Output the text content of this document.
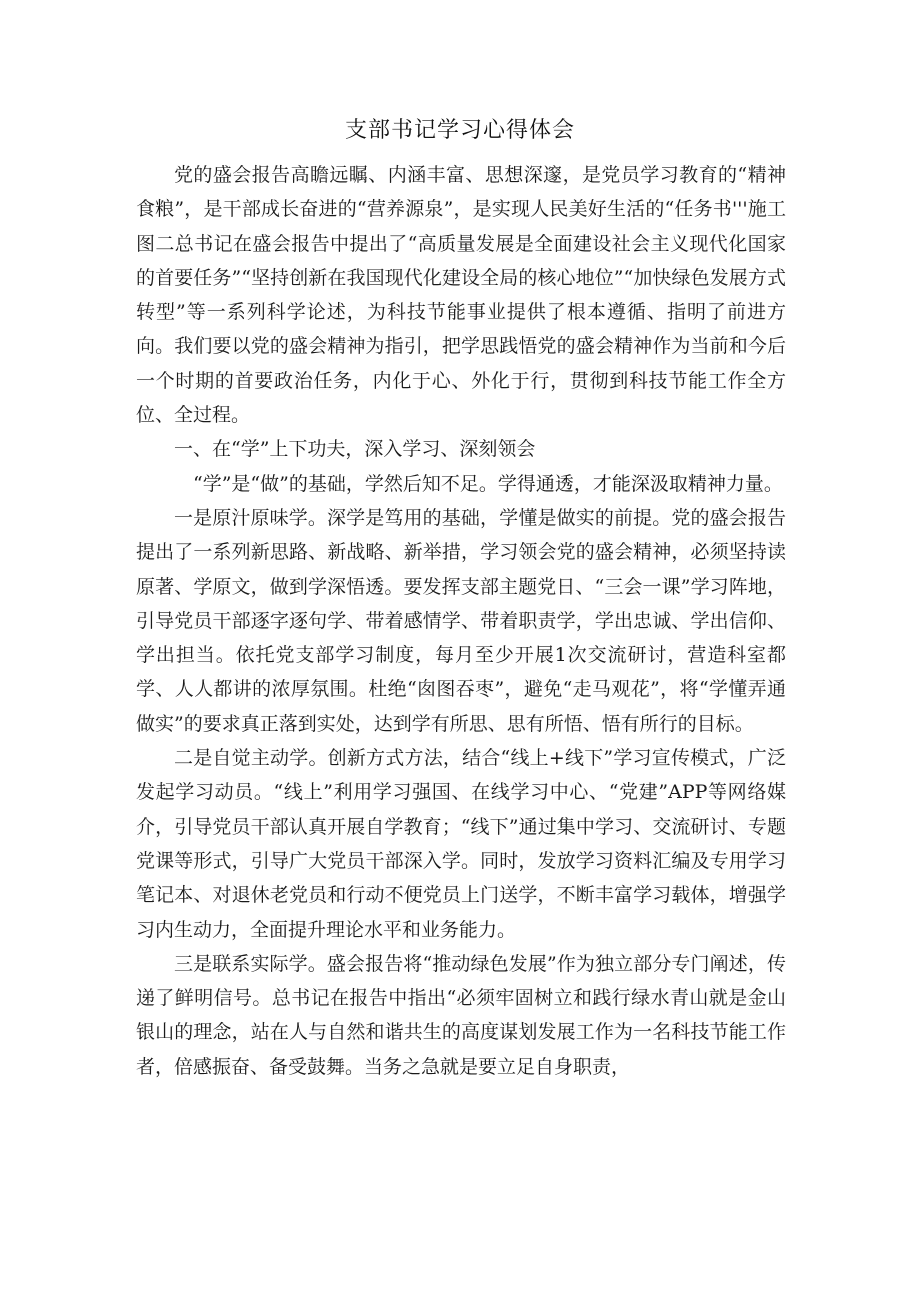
支部书记学习心得体会

党的盛会报告高瞻远瞩、内涵丰富、思想深邃，是党员学习教育的“精神食粮”，是干部成长奋进的“营养源泉”，是实现人民美好生活的“任务书'''施工图二总书记在盛会报告中提出了“高质量发展是全面建设社会主义现代化国家的首要任务”“坚持创新在我国现代化建设全局的核心地位”“加快绿色发展方式转型”等一系列科学论述，为科技节能事业提供了根本遵循、指明了前进方向。我们要以党的盛会精神为指引，把学思践悟党的盛会精神作为当前和今后一个时期的首要政治任务，内化于心、外化于行，贯彻到科技节能工作全方位、全过程。

一、在“学”上下功夫，深入学习、深刻领会

“学”是“做”的基础，学然后知不足。学得通透，才能深汲取精神力量。

一是原汁原味学。深学是笃用的基础，学懂是做实的前提。党的盛会报告提出了一系列新思路、新战略、新举措，学习领会党的盛会精神，必须坚持读原著、学原文，做到学深悟透。要发挥支部主题党日、“三会一课”学习阵地，引导党员干部逐字逐句学、带着感情学、带着职责学，学出忠诚、学出信仰、学出担当。依托党支部学习制度，每月至少开展1次交流研讨，营造科室都学、人人都讲的浓厚氛围。杜绝“囱图吞枣”，避免“走马观花”，将“学懂弄通做实”的要求真正落到实处，达到学有所思、思有所悟、悟有所行的目标。

二是自觉主动学。创新方式方法，结合“线上+线下”学习宣传模式，广泛发起学习动员。“线上”利用学习强国、在线学习中心、“党建”APP等网络媒介，引导党员干部认真开展自学教育；“线下”通过集中学习、交流研讨、专题党课等形式，引导广大党员干部深入学。同时，发放学习资料汇编及专用学习笔记本、对退休老党员和行动不便党员上门送学，不断丰富学习载体，增强学习内生动力，全面提升理论水平和业务能力。

三是联系实际学。盛会报告将“推动绿色发展”作为独立部分专门阐述，传递了鲜明信号。总书记在报告中指出“必须牢固树立和践行绿水青山就是金山银山的理念，站在人与自然和谐共生的高度谋划发展工作为一名科技节能工作者，倍感振奋、备受鼓舞。当务之急就是要立足自身职责，
